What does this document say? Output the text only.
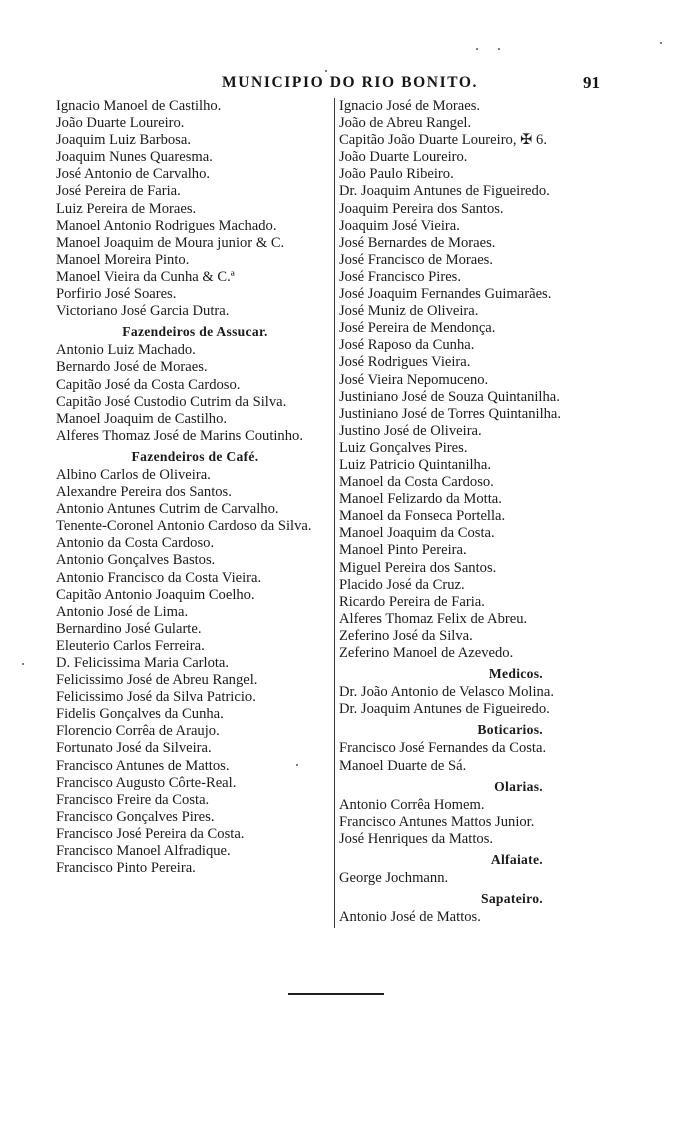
MUNICIPIO DO RIO BONITO.	91
Ignacio Manoel de Castilho.
João Duarte Loureiro.
Joaquim Luiz Barbosa.
Joaquim Nunes Quaresma.
José Antonio de Carvalho.
José Pereira de Faria.
Luiz Pereira de Moraes.
Manoel Antonio Rodrigues Machado.
Manoel Joaquim de Moura junior & C.
Manoel Moreira Pinto.
Manoel Vieira da Cunha & C.ª
Porfirio José Soares.
Victoriano José Garcia Dutra.
Fazendeiros de Assucar.
Antonio Luiz Machado.
Bernardo José de Moraes.
Capitão José da Costa Cardoso.
Capitão José Custodio Cutrim da Silva.
Manoel Joaquim de Castilho.
Alferes Thomaz José de Marins Coutinho.
Fazendeiros de Café.
Albino Carlos de Oliveira.
Alexandre Pereira dos Santos.
Antonio Antunes Cutrim de Carvalho.
Tenente-Coronel Antonio Cardoso da Silva.
Antonio da Costa Cardoso.
Antonio Gonçalves Bastos.
Antonio Francisco da Costa Vieira.
Capitão Antonio Joaquim Coelho.
Antonio José de Lima.
Bernardino José Gularte.
Eleuterio Carlos Ferreira.
D. Felicissima Maria Carlota.
Felicissimo José de Abreu Rangel.
Felicissimo José da Silva Patricio.
Fidelis Gonçalves da Cunha.
Florencio Corrêa de Araujo.
Fortunato José da Silveira.
Francisco Antunes de Mattos.
Francisco Augusto Côrte-Real.
Francisco Freire da Costa.
Francisco Gonçalves Pires.
Francisco José Pereira da Costa.
Francisco Manoel Alfradique.
Francisco Pinto Pereira.
Ignacio José de Moraes.
João de Abreu Rangel.
Capitão João Duarte Loureiro, ✠ 6.
João Duarte Loureiro.
João Paulo Ribeiro.
Dr. Joaquim Antunes de Figueiredo.
Joaquim Pereira dos Santos.
Joaquim José Vieira.
José Bernardes de Moraes.
José Francisco de Moraes.
José Francisco Pires.
José Joaquim Fernandes Guimarães.
José Muniz de Oliveira.
José Pereira de Mendonça.
José Raposo da Cunha.
José Rodrigues Vieira.
José Vieira Nepomuceno.
Justiniano José de Souza Quintanilha.
Justiniano José de Torres Quintanilha.
Justino José de Oliveira.
Luiz Gonçalves Pires.
Luiz Patricio Quintanilha.
Manoel da Costa Cardoso.
Manoel Felizardo da Motta.
Manoel da Fonseca Portella.
Manoel Joaquim da Costa.
Manoel Pinto Pereira.
Miguel Pereira dos Santos.
Placido José da Cruz.
Ricardo Pereira de Faria.
Alferes Thomaz Felix de Abreu.
Zeferino José da Silva.
Zeferino Manoel de Azevedo.
Medicos.
Dr. João Antonio de Velasco Molina.
Dr. Joaquim Antunes de Figueiredo.
Boticarios.
Francisco José Fernandes da Costa.
Manoel Duarte de Sá.
Olarias.
Antonio Corrêa Homem.
Francisco Antunes Mattos Junior.
José Henriques da Mattos.
Alfaiate.
George Jochmann.
Sapateiro.
Antonio José de Mattos.
